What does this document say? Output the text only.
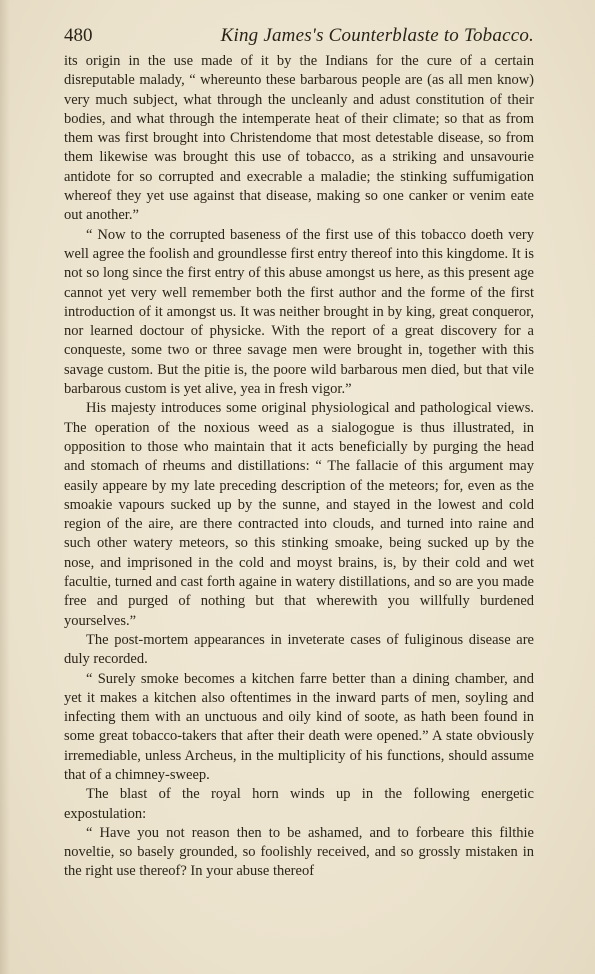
480	King James's Counterblaste to Tobacco.

its origin in the use made of it by the Indians for the cure of a certain disreputable malady, “ whereunto these barbarous people are (as all men know) very much subject, what through the uncleanly and adust constitution of their bodies, and what through the intemperate heat of their climate; so that as from them was first brought into Christendome that most detestable disease, so from them likewise was brought this use of tobacco, as a striking and unsavourie antidote for so corrupted and execrable a maladie; the stinking suffumigation whereof they yet use against that disease, making so one canker or venim eate out another.”

“ Now to the corrupted baseness of the first use of this tobacco doeth very well agree the foolish and groundlesse first entry thereof into this kingdome. It is not so long since the first entry of this abuse amongst us here, as this present age cannot yet very well remember both the first author and the forme of the first introduction of it amongst us. It was neither brought in by king, great conqueror, nor learned doctour of physicke. With the report of a great discovery for a conqueste, some two or three savage men were brought in, together with this savage custom. But the pitie is, the poore wild barbarous men died, but that vile barbarous custom is yet alive, yea in fresh vigor.”

His majesty introduces some original physiological and pathological views. The operation of the noxious weed as a sialogogue is thus illustrated, in opposition to those who maintain that it acts beneficially by purging the head and stomach of rheums and distillations: “ The fallacie of this argument may easily appeare by my late preceding description of the meteors; for, even as the smoakie vapours sucked up by the sunne, and stayed in the lowest and cold region of the aire, are there contracted into clouds, and turned into raine and such other watery meteors, so this stinking smoake, being sucked up by the nose, and imprisoned in the cold and moyst brains, is, by their cold and wet facultie, turned and cast forth againe in watery distillations, and so are you made free and purged of nothing but that wherewith you willfully burdened yourselves.”

The post-mortem appearances in inveterate cases of fuliginous disease are duly recorded.

“ Surely smoke becomes a kitchen farre better than a dining chamber, and yet it makes a kitchen also oftentimes in the inward parts of men, soyling and infecting them with an unctuous and oily kind of soote, as hath been found in some great tobacco-takers that after their death were opened.” A state obviously irremediable, unless Archeus, in the multiplicity of his functions, should assume that of a chimney-sweep.

The blast of the royal horn winds up in the following energetic expostulation:

“ Have you not reason then to be ashamed, and to forbeare this filthie noveltie, so basely grounded, so foolishly received, and so grossly mistaken in the right use thereof? In your abuse thereof
